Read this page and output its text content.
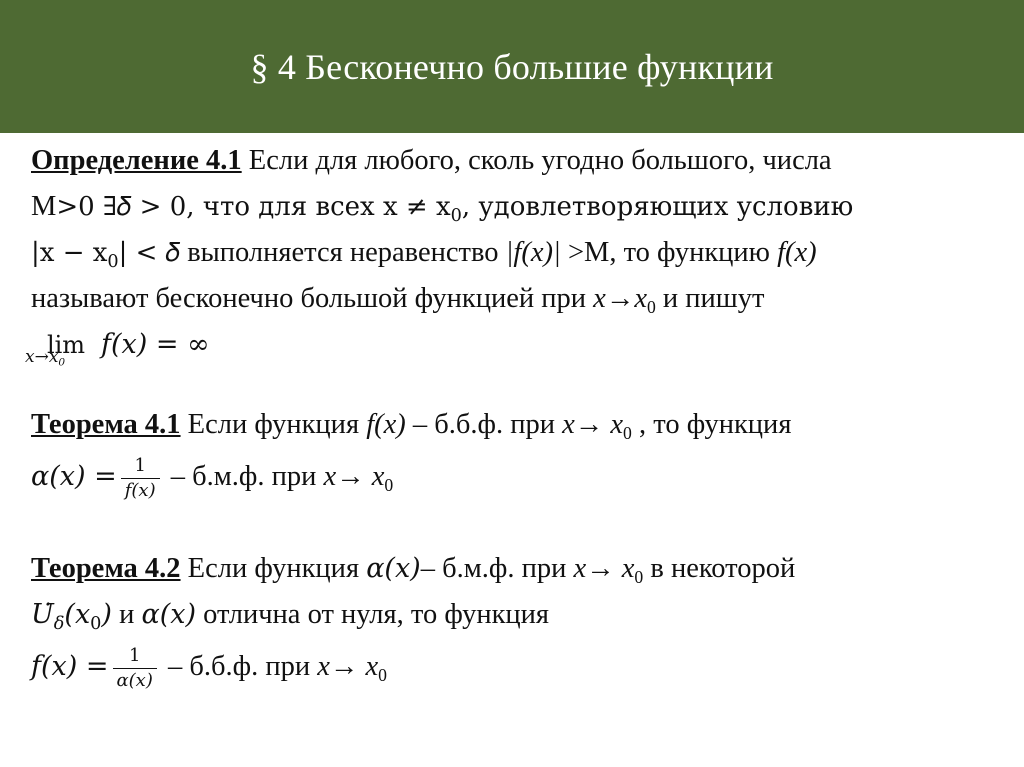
§ 4 Бесконечно большие функции
Определение 4.1 Если для любого, сколь угодно большого, числа
M>0 ∃𝛿 > 0, что для всех $x \ne x_0$, удовлетворяющих условию
$|x - x_0|$ < 𝛿 выполняется неравенство |f(x)| >M, то функцию f(x)
называют бесконечно большой функцией при $x\to x_0$ и пишут
lim
$x\to x_0$
𝑓(𝑥) = ∞
Теорема 4.1 Если функция f(x) – б.б.ф. при $x\to x_0$ , то функция
𝛼(𝑥) = $\frac{1}{f(x)} - б.м.ф$. при $x\to x_0$
Теорема 4.2 Если функция 𝛼(𝑥)– б.м.ф. при $x\to x_0$ в некоторой
$𝑈̇_\delta(x_0)$ и 𝛼(𝑥) отлична от нуля, то функция
𝑓(𝑥) = $\frac{1}{\alpha(x)} - б.б.ф$. при $x\to x_0$
